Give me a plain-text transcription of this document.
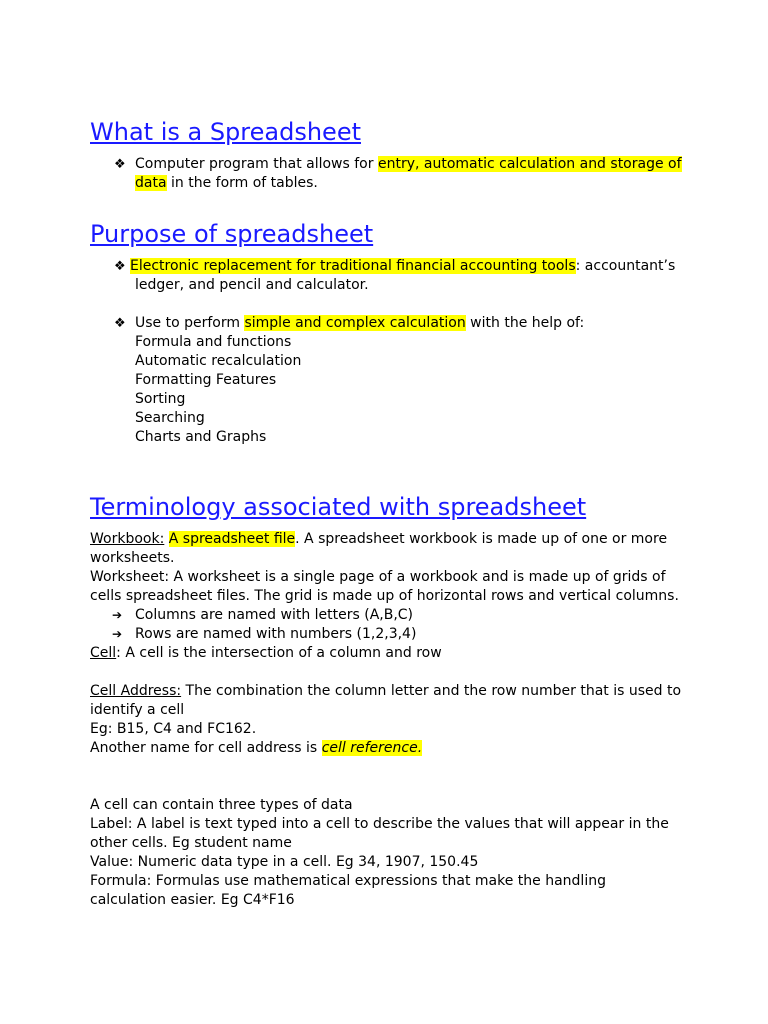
What is a Spreadsheet
❖ Computer program that allows for entry, automatic calculation and storage of
data in the form of tables.
Purpose of spreadsheet
❖ Electronic replacement for traditional financial accounting tools: accountant’s
ledger, and pencil and calculator.
❖ Use to perform simple and complex calculation with the help of:
Formula and functions
Automatic recalculation
Formatting Features
Sorting
Searching
Charts and Graphs
Terminology associated with spreadsheet
Workbook: A spreadsheet file. A spreadsheet workbook is made up of one or more
worksheets.
Worksheet: A worksheet is a single page of a workbook and is made up of grids of
cells spreadsheet files. The grid is made up of horizontal rows and vertical columns.
➔ Columns are named with letters (A,B,C)
➔ Rows are named with numbers (1,2,3,4)
Cell: A cell is the intersection of a column and row
Cell Address: The combination the column letter and the row number that is used to
identify a cell
Eg: B15, C4 and FC162.
Another name for cell address is cell reference.
A cell can contain three types of data
Label: A label is text typed into a cell to describe the values that will appear in the
other cells. Eg student name
Value: Numeric data type in a cell. Eg 34, 1907, 150.45
Formula: Formulas use mathematical expressions that make the handling
calculation easier. Eg C4*F16
